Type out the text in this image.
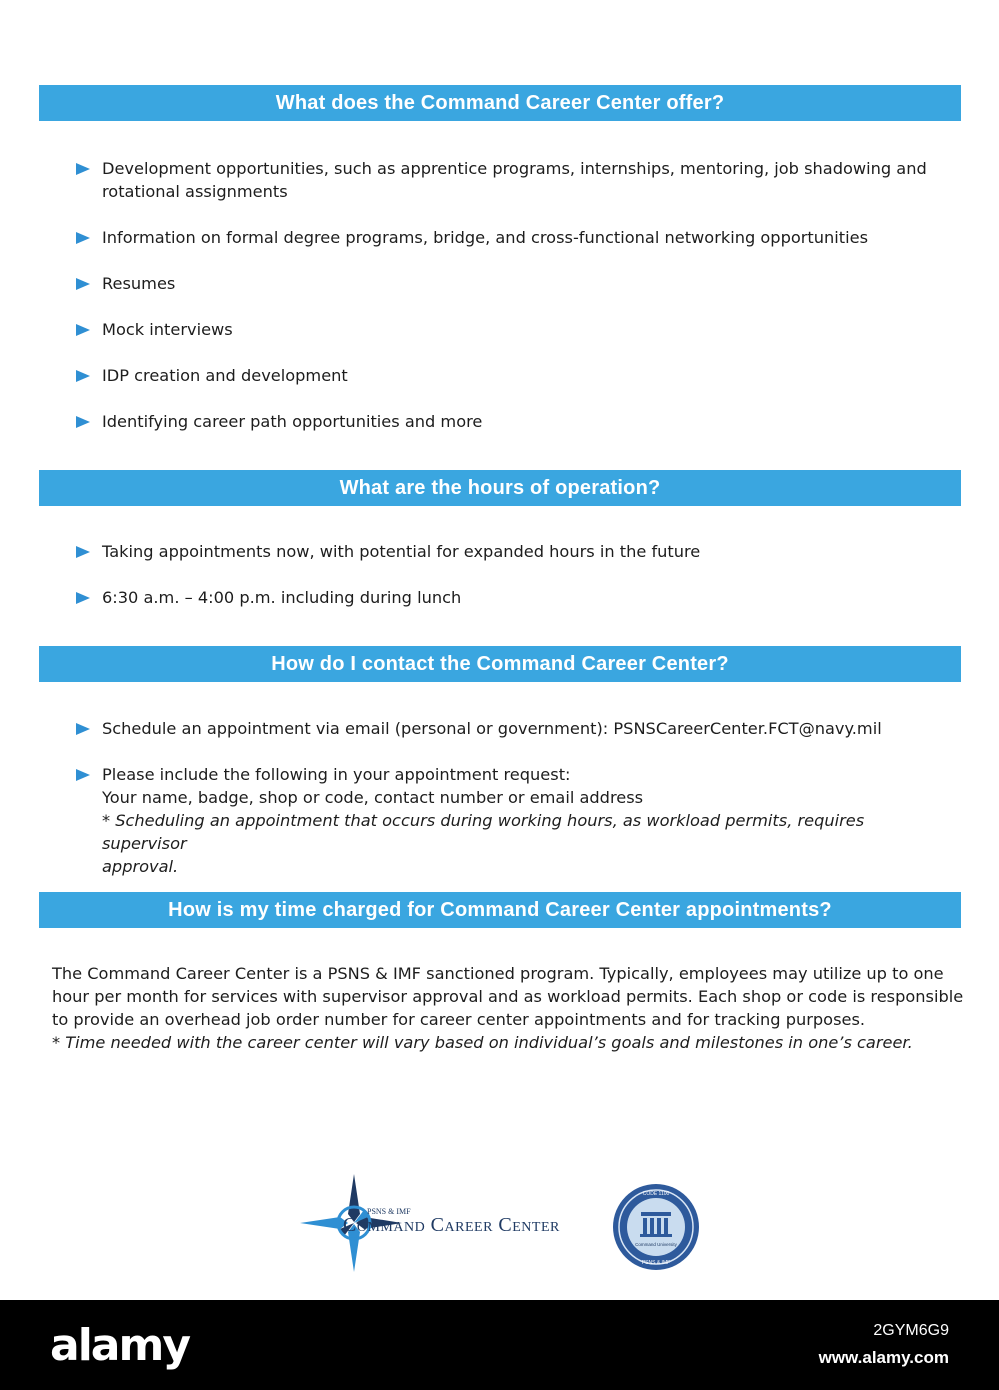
What does the Command Career Center offer?
Development opportunities, such as apprentice programs, internships, mentoring, job shadowing and
rotational assignments
Information on formal degree programs, bridge, and cross-functional networking opportunities
Resumes
Mock interviews
IDP creation and development
Identifying career path opportunities and more
What are the hours of operation?
Taking appointments now, with potential for expanded hours in the future
6:30 a.m. – 4:00 p.m. including during lunch
How do I contact the Command Career Center?
Schedule an appointment via email (personal or government): PSNSCareerCenter.FCT@navy.mil
Please include the following in your appointment request:
Your name, badge, shop or code, contact number or email address
* Scheduling an appointment that occurs during working hours, as workload permits, requires supervisor
approval.
How is my time charged for Command Career Center appointments?
The Command Career Center is a PSNS & IMF sanctioned program. Typically, employees may utilize up to one
hour per month for services with supervisor approval and as workload permits. Each shop or code is responsible
to provide an overhead job order number for career center appointments and for tracking purposes.
* Time needed with the career center will vary based on individual’s goals and milestones in one’s career.
PSNS & IMF
Command Career Center
CODE 1100
Command University
PSNS & IMF
alamy	2GYM6G9
www.alamy.com
